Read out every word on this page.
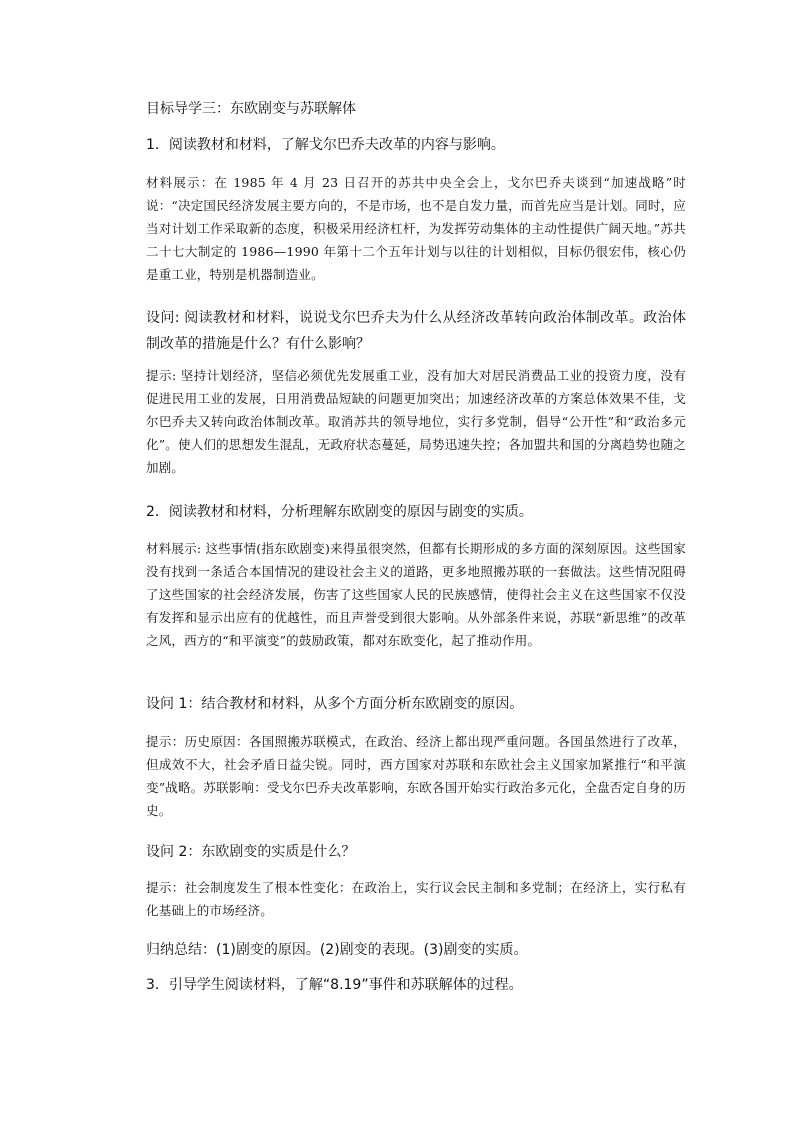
目标导学三：东欧剧变与苏联解体

1．阅读教材和材料，了解戈尔巴乔夫改革的内容与影响。

材料展示：在 1985 年 4 月 23 日召开的苏共中央全会上，戈尔巴乔夫谈到“加速战略”时说：“决定国民经济发展主要方向的，不是市场，也不是自发力量，而首先应当是计划。同时，应当对计划工作采取新的态度，积极采用经济杠杆，为发挥劳动集体的主动性提供广阔天地。”苏共二十七大制定的 1986—1990 年第十二个五年计划与以往的计划相似，目标仍很宏伟，核心仍是重工业，特别是机器制造业。

设问: 阅读教材和材料，说说戈尔巴乔夫为什么从经济改革转向政治体制改革。政治体制改革的措施是什么？有什么影响？

提示: 坚持计划经济，坚信必须优先发展重工业，没有加大对居民消费品工业的投资力度，没有促进民用工业的发展，日用消费品短缺的问题更加突出；加速经济改革的方案总体效果不佳，戈尔巴乔夫又转向政治体制改革。取消苏共的领导地位，实行多党制，倡导“公开性”和“政治多元化”。使人们的思想发生混乱，无政府状态蔓延，局势迅速失控；各加盟共和国的分离趋势也随之加剧。

2．阅读教材和材料，分析理解东欧剧变的原因与剧变的实质。

材料展示: 这些事情(指东欧剧变)来得虽很突然，但都有长期形成的多方面的深刻原因。这些国家没有找到一条适合本国情况的建设社会主义的道路，更多地照搬苏联的一套做法。这些情况阻碍了这些国家的社会经济发展，伤害了这些国家人民的民族感情，使得社会主义在这些国家不仅没有发挥和显示出应有的优越性，而且声誉受到很大影响。从外部条件来说，苏联“新思维”的改革之风，西方的“和平演变”的鼓励政策，都对东欧变化，起了推动作用。

设问 1：结合教材和材料，从多个方面分析东欧剧变的原因。

提示：历史原因：各国照搬苏联模式，在政治、经济上都出现严重问题。各国虽然进行了改革，但成效不大，社会矛盾日益尖锐。同时，西方国家对苏联和东欧社会主义国家加紧推行“和平演变”战略。苏联影响：受戈尔巴乔夫改革影响，东欧各国开始实行政治多元化，全盘否定自身的历史。

设问 2：东欧剧变的实质是什么？

提示：社会制度发生了根本性变化：在政治上，实行议会民主制和多党制；在经济上，实行私有化基础上的市场经济。

归纳总结：(1)剧变的原因。(2)剧变的表现。(3)剧变的实质。

3．引导学生阅读材料，了解“8.19”事件和苏联解体的过程。
